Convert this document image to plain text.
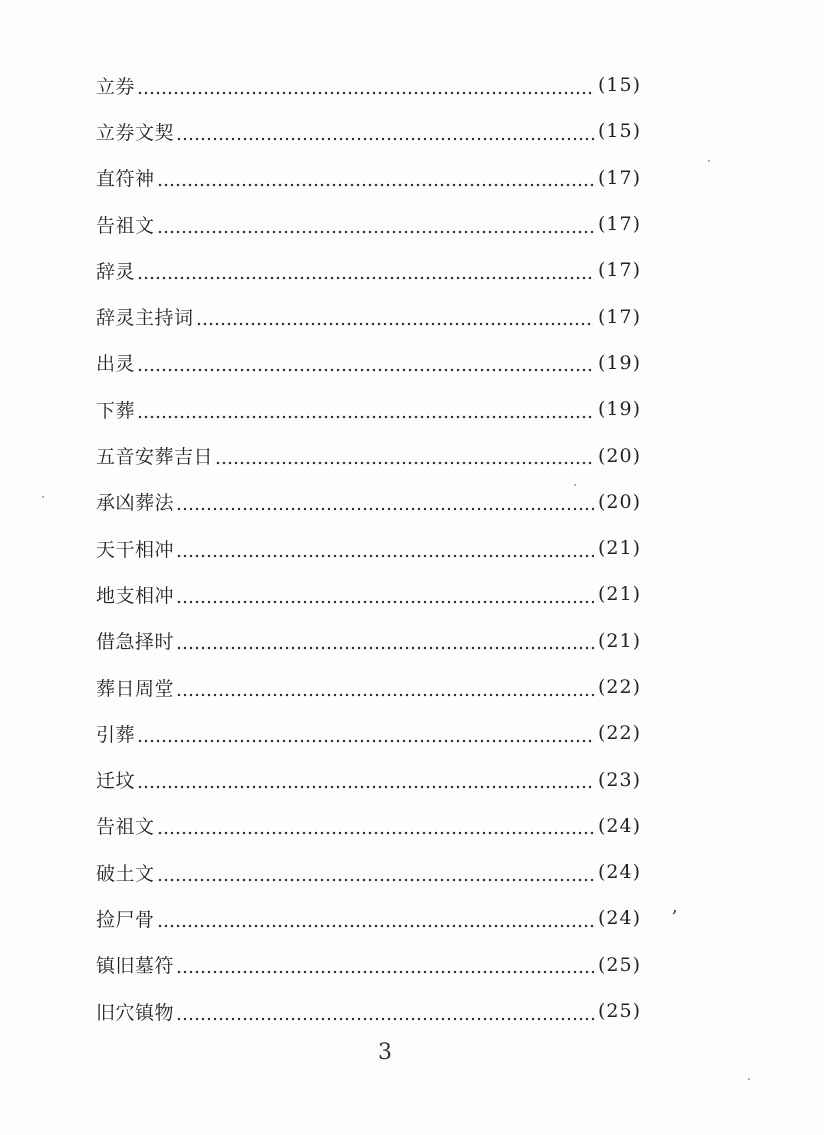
立券	(15)
立券文契	(15)
直符神	(17)
告祖文	(17)
辞灵	(17)
辞灵主持词	(17)
出灵	(19)
下葬	(19)
五音安葬吉日	(20)
承凶葬法	(20)
天干相冲	(21)
地支相冲	(21)
借急择时	(21)
葬日周堂	(22)
引葬	(22)
迁坟	(23)
告祖文	(24)
破土文	(24)
捡尸骨	(24)
镇旧墓符	(25)
旧穴镇物	(25)
,
3
